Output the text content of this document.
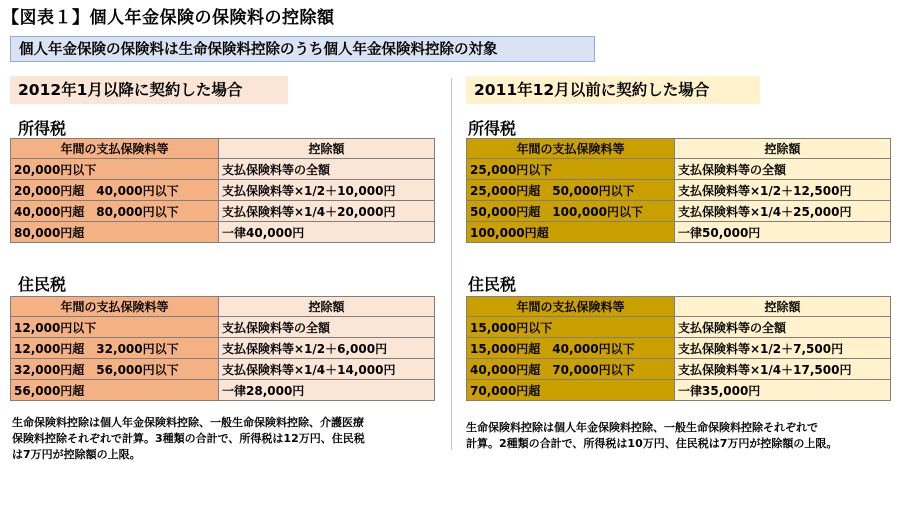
【図表１】個人年金保険の保険料の控除額
個人年金保険の保険料は生命保険料控除のうち個人年金保険料控除の対象
2012年1月以降に契約した場合	2011年12月以前に契約した場合
所得税
年間の支払保険料等	控除額
20,000円以下	支払保険料等の全額
20,000円超　40,000円以下	支払保険料等×1/2＋10,000円
40,000円超　80,000円以下	支払保険料等×1/4＋20,000円
80,000円超	一律40,000円
住民税
年間の支払保険料等	控除額
12,000円以下	支払保険料等の全額
12,000円超　32,000円以下	支払保険料等×1/2＋6,000円
32,000円超　56,000円以下	支払保険料等×1/4＋14,000円
56,000円超	一律28,000円
生命保険料控除は個人年金保険料控除、一般生命保険料控除、介護医療
保険料控除それぞれで計算。3種類の合計で、所得税は12万円、住民税
は7万円が控除額の上限。
所得税
年間の支払保険料等	控除額
25,000円以下	支払保険料等の全額
25,000円超　50,000円以下	支払保険料等×1/2＋12,500円
50,000円超　100,000円以下	支払保険料等×1/4＋25,000円
100,000円超	一律50,000円
住民税
年間の支払保険料等	控除額
15,000円以下	支払保険料等の全額
15,000円超　40,000円以下	支払保険料等×1/2＋7,500円
40,000円超　70,000円以下	支払保険料等×1/4＋17,500円
70,000円超	一律35,000円
生命保険料控除は個人年金保険料控除、一般生命保険料控除それぞれで
計算。2種類の合計で、所得税は10万円、住民税は7万円が控除額の上限。
